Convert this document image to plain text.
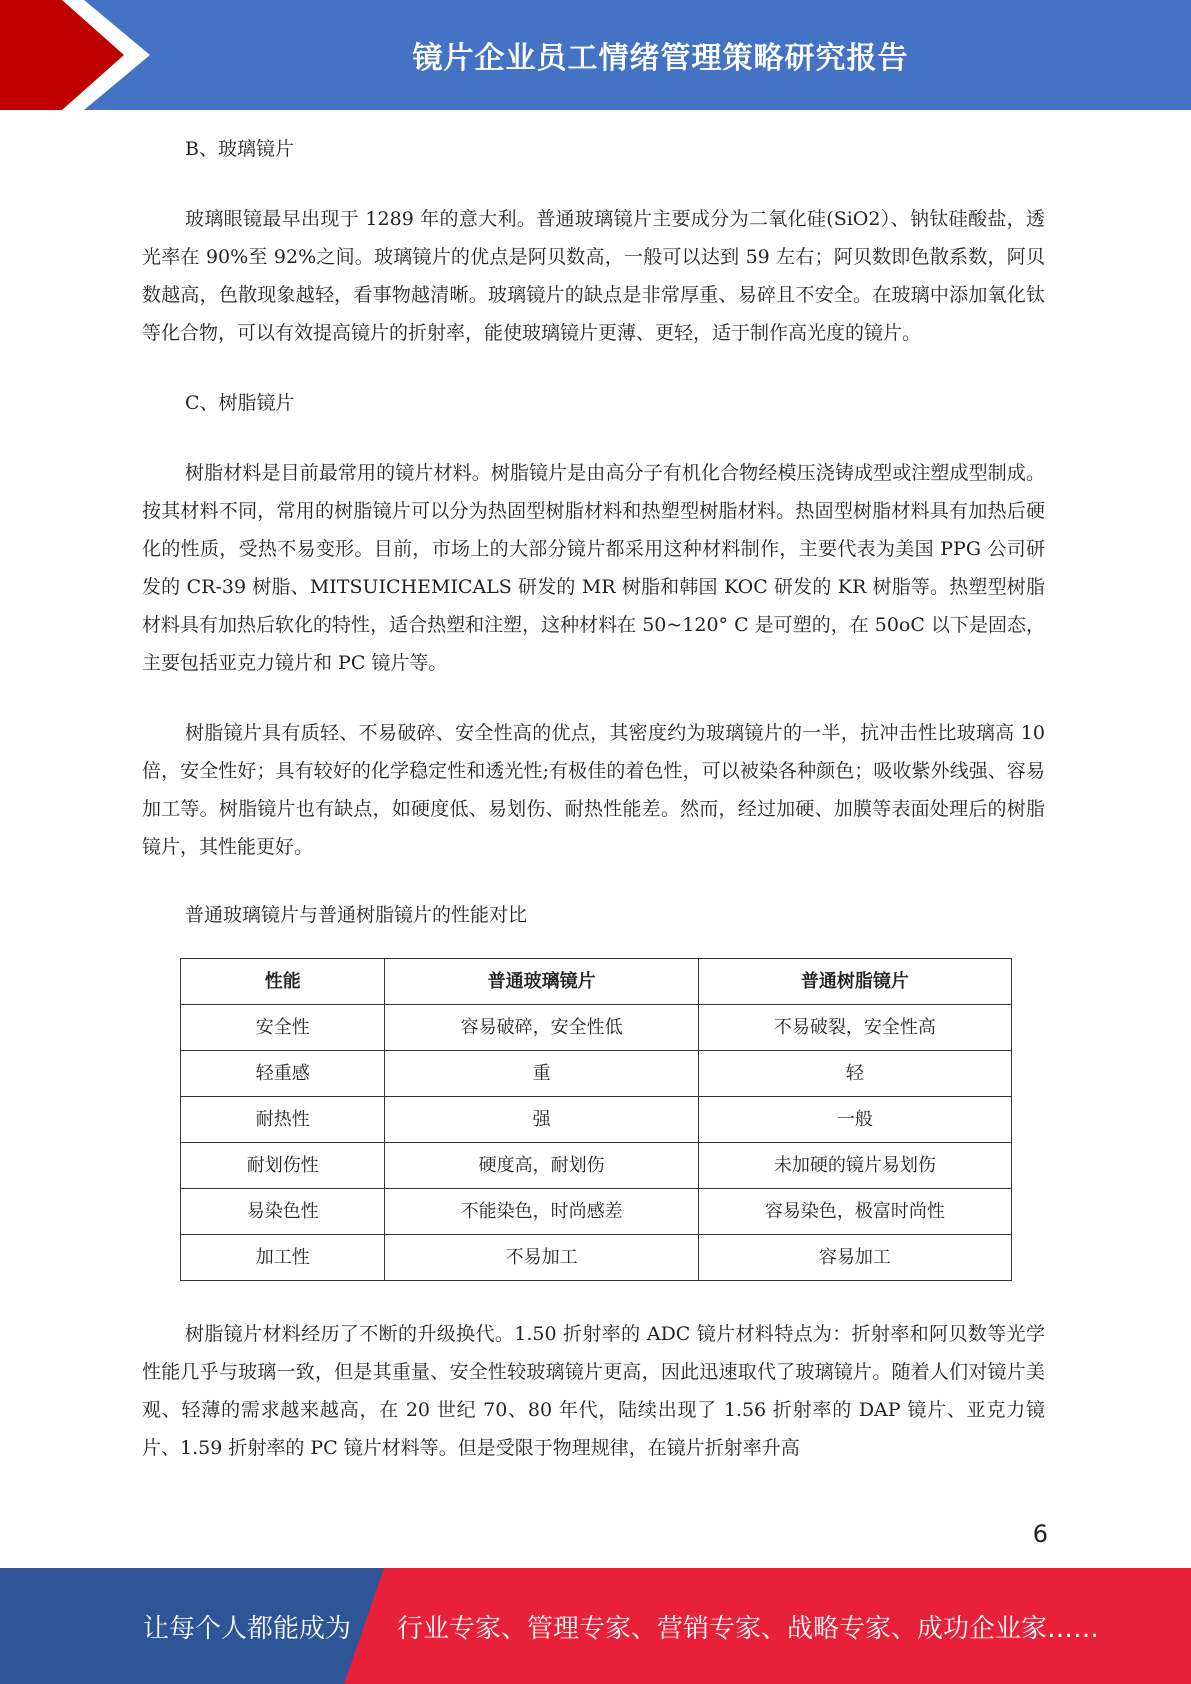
镜片企业员工情绪管理策略研究报告

B、玻璃镜片

玻璃眼镜最早出现于 1289 年的意大利。普通玻璃镜片主要成分为二氧化硅(SiO2）、钠钛硅酸盐，透光率在 90%至 92%之间。玻璃镜片的优点是阿贝数高，一般可以达到 59 左右；阿贝数即色散系数，阿贝数越高，色散现象越轻，看事物越清晰。玻璃镜片的缺点是非常厚重、易碎且不安全。在玻璃中添加氧化钛等化合物，可以有效提高镜片的折射率，能使玻璃镜片更薄、更轻，适于制作高光度的镜片。

C、树脂镜片

树脂材料是目前最常用的镜片材料。树脂镜片是由高分子有机化合物经模压浇铸成型或注塑成型制成。按其材料不同，常用的树脂镜片可以分为热固型树脂材料和热塑型树脂材料。热固型树脂材料具有加热后硬化的性质，受热不易变形。目前，市场上的大部分镜片都采用这种材料制作，主要代表为美国 PPG 公司研发的 CR-39 树脂、MITSUICHEMICALS 研发的 MR 树脂和韩国 KOC 研发的 KR 树脂等。热塑型树脂材料具有加热后软化的特性，适合热塑和注塑，这种材料在 50~120° C 是可塑的，在 50oC 以下是固态，主要包括亚克力镜片和 PC 镜片等。

树脂镜片具有质轻、不易破碎、安全性高的优点，其密度约为玻璃镜片的一半，抗冲击性比玻璃高 10 倍，安全性好；具有较好的化学稳定性和透光性;有极佳的着色性，可以被染各种颜色；吸收紫外线强、容易加工等。树脂镜片也有缺点，如硬度低、易划伤、耐热性能差。然而，经过加硬、加膜等表面处理后的树脂镜片，其性能更好。

普通玻璃镜片与普通树脂镜片的性能对比

性能	普通玻璃镜片	普通树脂镜片
安全性	容易破碎，安全性低	不易破裂，安全性高
轻重感	重	轻
耐热性	强	一般
耐划伤性	硬度高，耐划伤	未加硬的镜片易划伤
易染色性	不能染色，时尚感差	容易染色，极富时尚性
加工性	不易加工	容易加工

树脂镜片材料经历了不断的升级换代。1.50 折射率的 ADC 镜片材料特点为：折射率和阿贝数等光学性能几乎与玻璃一致，但是其重量、安全性较玻璃镜片更高，因此迅速取代了玻璃镜片。随着人们对镜片美观、轻薄的需求越来越高，在 20 世纪 70、80 年代，陆续出现了 1.56 折射率的 DAP 镜片、亚克力镜片、1.59 折射率的 PC 镜片材料等。但是受限于物理规律，在镜片折射率升高

6
让每个人都能成为 行业专家、管理专家、营销专家、战略专家、成功企业家……
